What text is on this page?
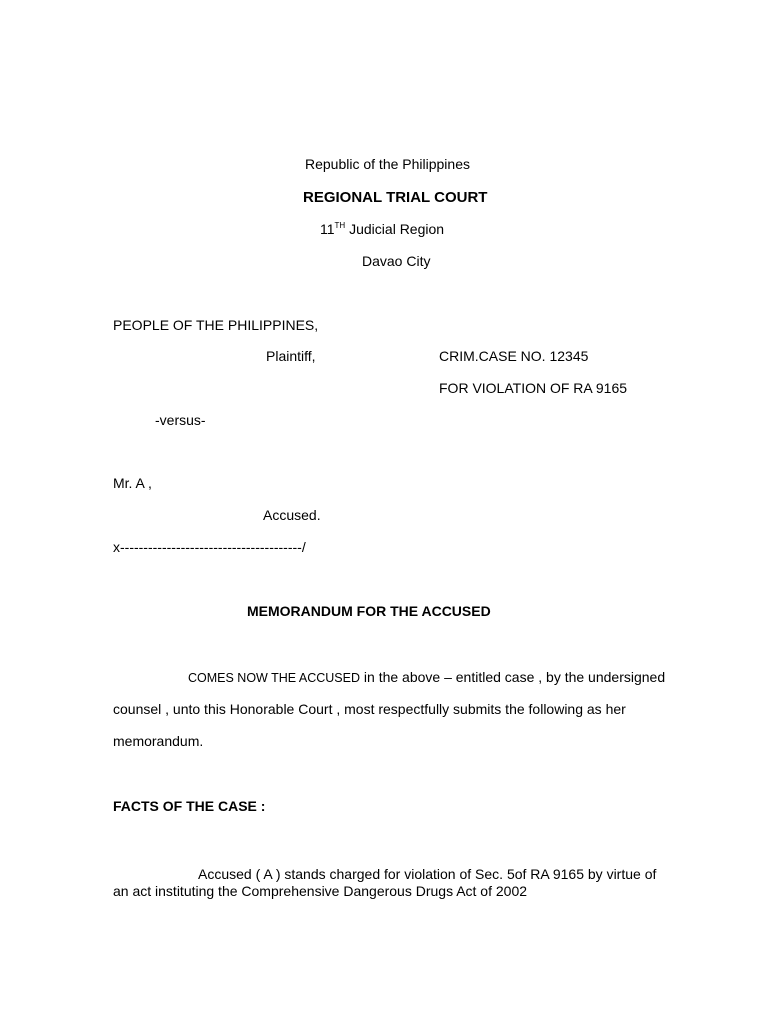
Republic of the Philippines
REGIONAL TRIAL COURT
11TH Judicial Region
Davao City
PEOPLE OF THE PHILIPPINES,
Plaintiff,	CRIM.CASE NO. 12345
FOR VIOLATION OF RA 9165
-versus-
Mr. A ,
Accused.
x---------------------------------------/
MEMORANDUM FOR THE ACCUSED
COMES NOW THE ACCUSED in the above – entitled case , by the undersigned
counsel , unto this Honorable Court , most respectfully submits the following as her
memorandum.
FACTS OF THE CASE :
Accused ( A ) stands charged for violation of Sec. 5of RA 9165 by virtue of
an act instituting the Comprehensive Dangerous Drugs Act of 2002
